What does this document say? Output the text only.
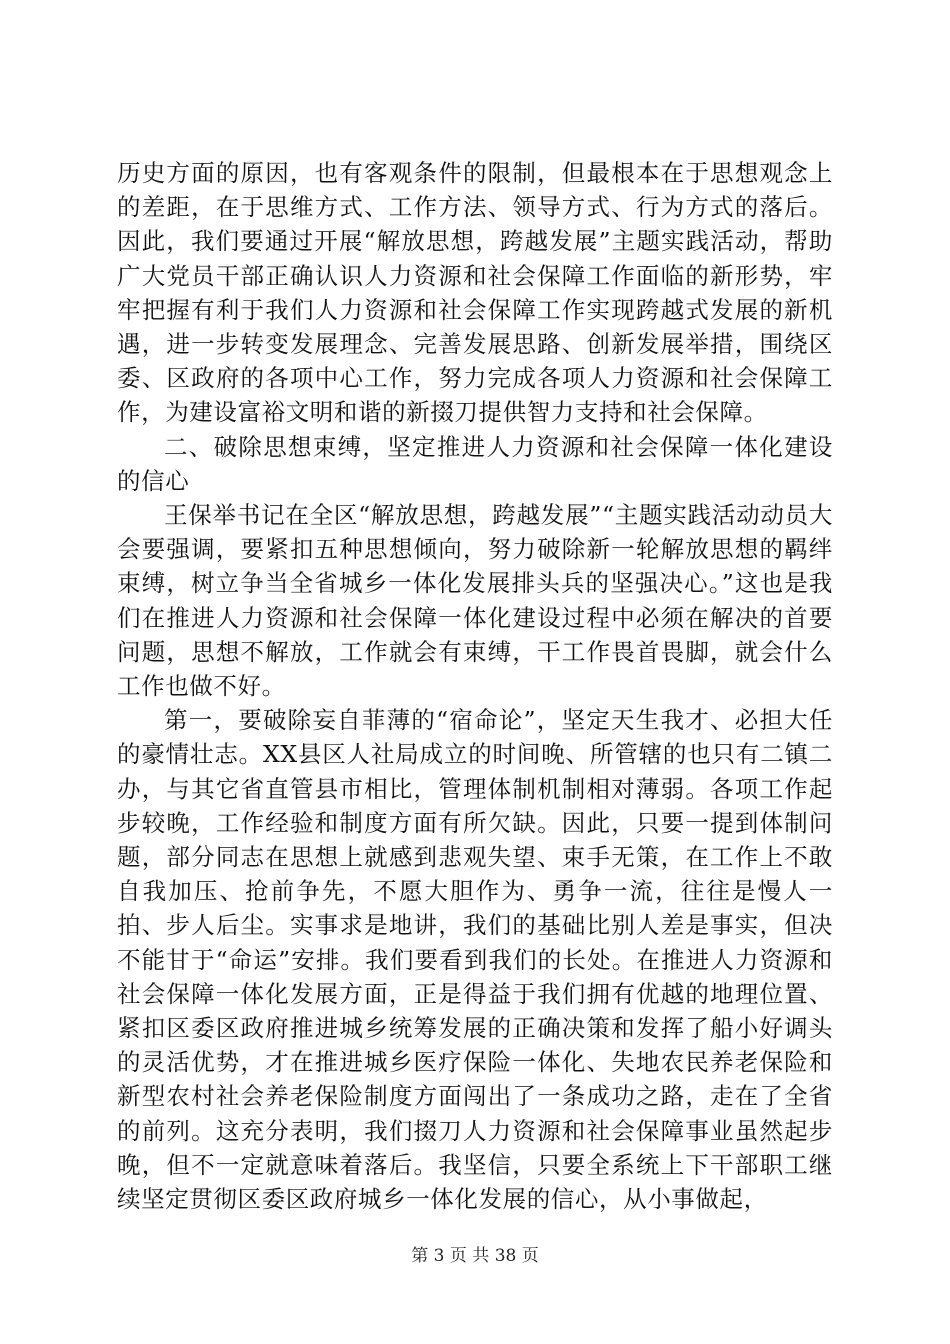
历史方面的原因，也有客观条件的限制，但最根本在于思想观念上的差距，在于思维方式、工作方法、领导方式、行为方式的落后。因此，我们要通过开展“解放思想，跨越发展”主题实践活动，帮助广大党员干部正确认识人力资源和社会保障工作面临的新形势，牢牢把握有利于我们人力资源和社会保障工作实现跨越式发展的新机遇，进一步转变发展理念、完善发展思路、创新发展举措，围绕区委、区政府的各项中心工作，努力完成各项人力资源和社会保障工作，为建设富裕文明和谐的新掇刀提供智力支持和社会保障。

二、破除思想束缚，坚定推进人力资源和社会保障一体化建设的信心

王保举书记在全区“解放思想，跨越发展”“主题实践活动动员大会要强调，要紧扣五种思想倾向，努力破除新一轮解放思想的羁绊束缚，树立争当全省城乡一体化发展排头兵的坚强决心。”这也是我们在推进人力资源和社会保障一体化建设过程中必须在解决的首要问题，思想不解放，工作就会有束缚，干工作畏首畏脚，就会什么工作也做不好。

第一，要破除妄自菲薄的“宿命论”，坚定天生我才、必担大任的豪情壮志。XX县区人社局成立的时间晚、所管辖的也只有二镇二办，与其它省直管县市相比，管理体制机制相对薄弱。各项工作起步较晚，工作经验和制度方面有所欠缺。因此，只要一提到体制问题，部分同志在思想上就感到悲观失望、束手无策，在工作上不敢自我加压、抢前争先，不愿大胆作为、勇争一流，往往是慢人一拍、步人后尘。实事求是地讲，我们的基础比别人差是事实，但决不能甘于“命运”安排。我们要看到我们的长处。在推进人力资源和社会保障一体化发展方面，正是得益于我们拥有优越的地理位置、紧扣区委区政府推进城乡统筹发展的正确决策和发挥了船小好调头的灵活优势，才在推进城乡医疗保险一体化、失地农民养老保险和新型农村社会养老保险制度方面闯出了一条成功之路，走在了全省的前列。这充分表明，我们掇刀人力资源和社会保障事业虽然起步晚，但不一定就意味着落后。我坚信，只要全系统上下干部职工继续坚定贯彻区委区政府城乡一体化发展的信心，从小事做起，

第 3 页 共 38 页
